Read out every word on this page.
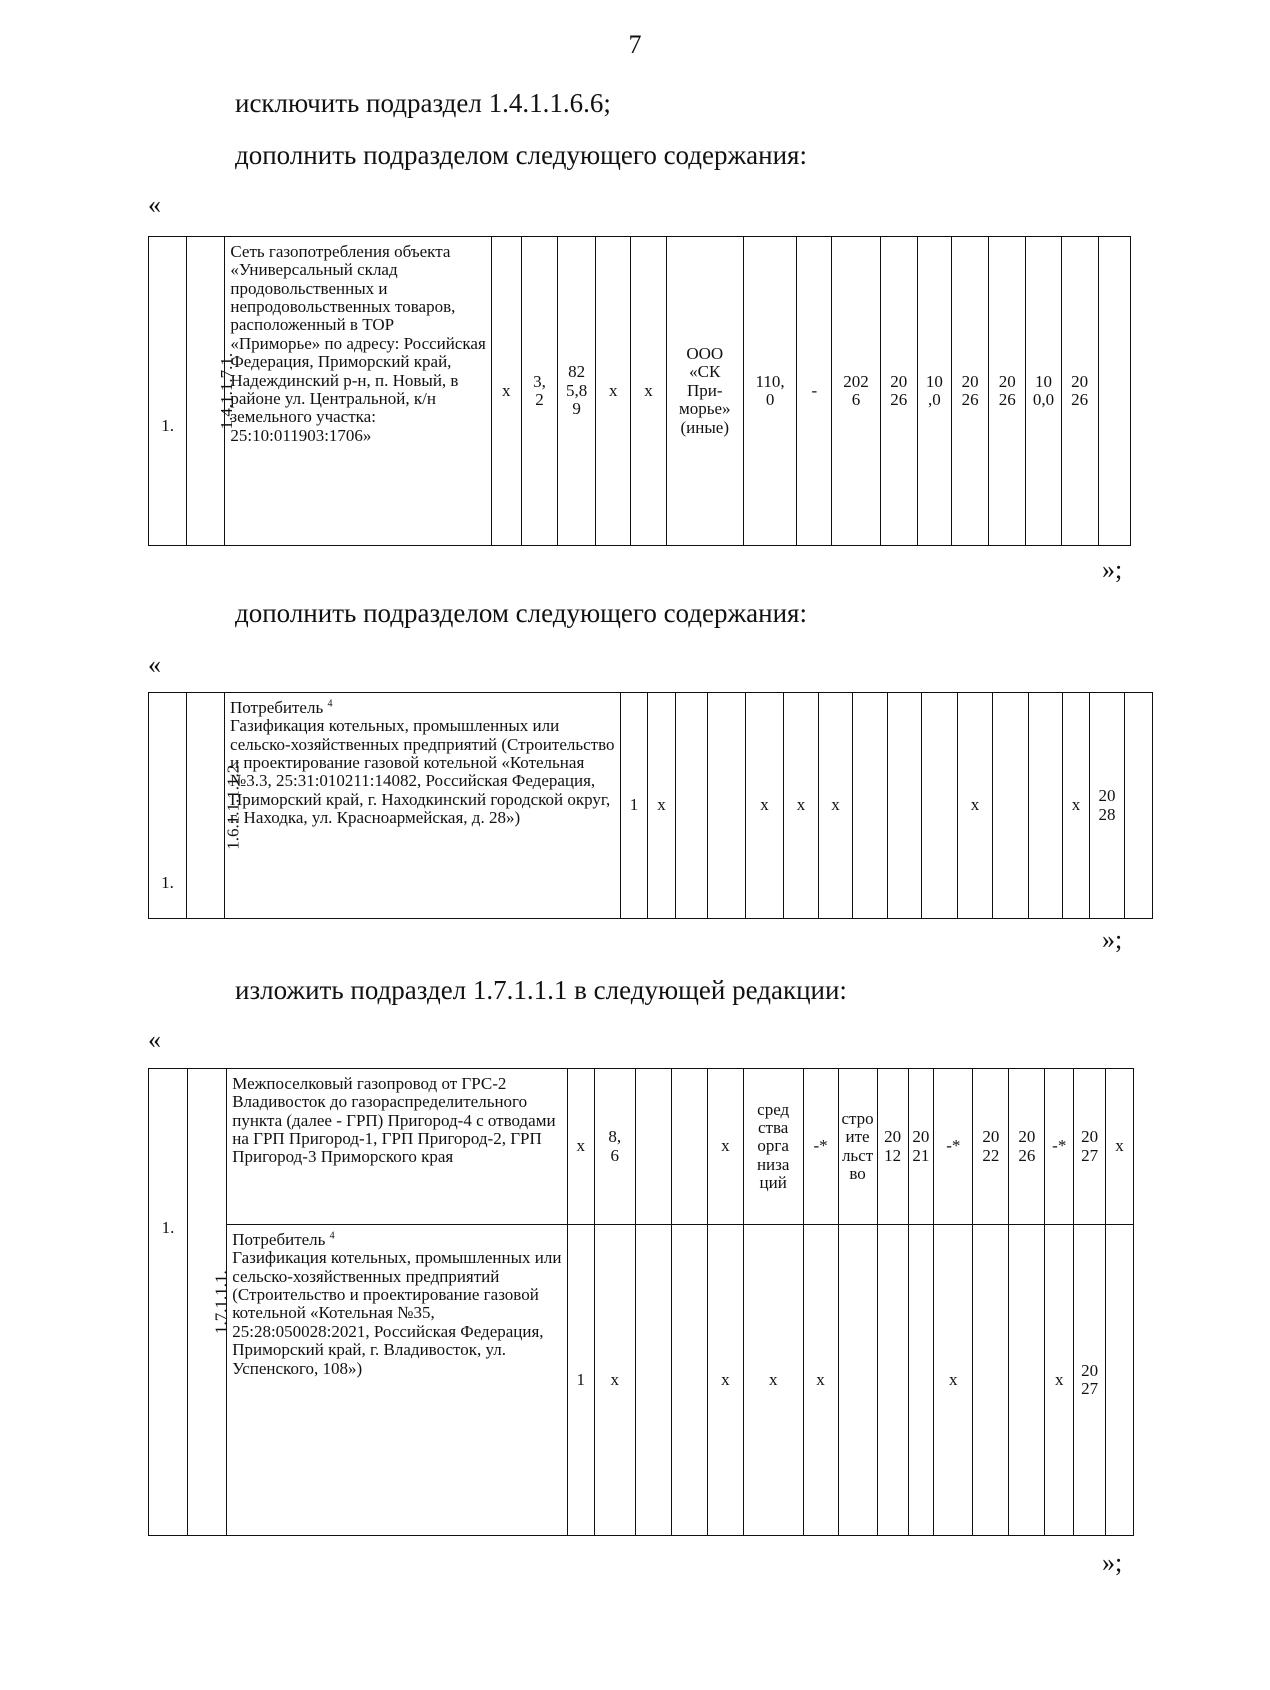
7
исключить подраздел 1.4.1.1.6.6;
дополнить подразделом следующего содержания:
«
1.	1.4.1.1.7.1.	Сеть газопотребления объекта «Универсальный склад продовольственных и непродовольственных товаров, расположенный в ТОР «Приморье» по адресу: Российская Федерация, Приморский край, Надеждинский р-н, п. Новый, в районе ул. Центральной, к/н земельного участка: 25:10:011903:1706»	x	3,
2	82
5,8
9	x	x	ООО
«СК
При-
морье»
(иные)	110,
0	-	202
6	20
26	10
,0	20
26	20
26	10
0,0	20
26	
»;
дополнить подразделом следующего содержания:
«
1.	1.6.1.1.1.1.2.	Потребитель $^4$
Газификация котельных, промышленных или сельско-хозяйственных предприятий (Строительство и проектирование газовой котельной «Котельная №3.3, 25:31:010211:14082, Российская Федерация, Приморский край, г. Находкинский городской округ, г. Находка, ул. Красноармейская, д. 28»)	1	x			x	x	x				x			x	20
28	
»;
изложить подраздел 1.7.1.1.1 в следующей редакции:
«
1.	1.7.1.1.1.	Межпоселковый газопровод от ГРС-2 Владивосток до газораспределительного пункта (далее - ГРП) Пригород-4 с отводами на ГРП Пригород-1, ГРП Пригород-2, ГРП Пригород-3 Приморского края	x	8,
6			x	сред
ства
орга
низа
ций	-*	стро
ите
льст
во	20
12	20
21	-*	20
22	20
26	-*	20
27	x
		Потребитель $^4$
Газификация котельных, промышленных или сельско-хозяйственных предприятий (Строительство и проектирование газовой котельной «Котельная №35, 25:28:050028:2021, Российская Федерация, Приморский край, г. Владивосток, ул. Успенского, 108»)	1	x			x	x	x				x			x	20
27	
»;
